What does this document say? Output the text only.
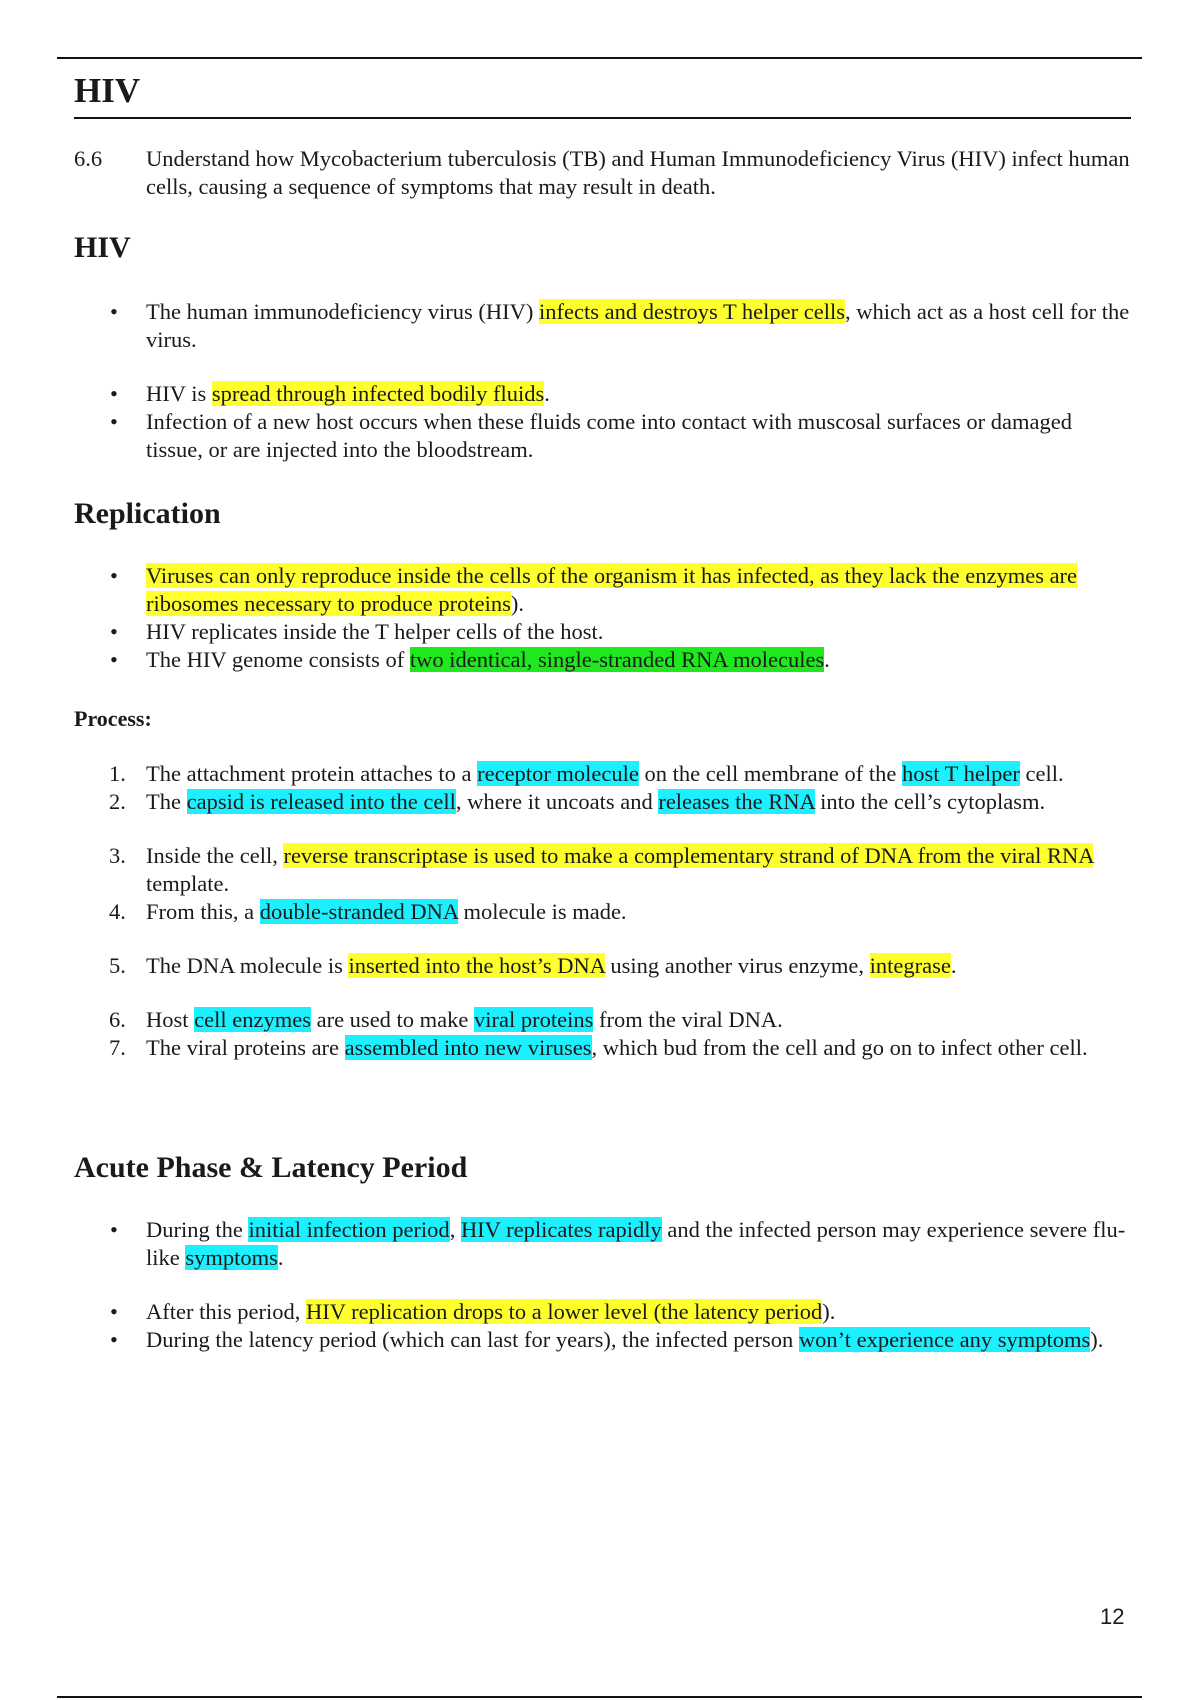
HIV
6.6 Understand how Mycobacterium tuberculosis (TB) and Human Immunodeficiency Virus (HIV) infect human cells, causing a sequence of symptoms that may result in death.
HIV
• The human immunodeficiency virus (HIV) infects and destroys T helper cells, which act as a host cell for the virus.
• HIV is spread through infected bodily fluids.
• Infection of a new host occurs when these fluids come into contact with muscosal surfaces or damaged tissue, or are injected into the bloodstream.
Replication
• Viruses can only reproduce inside the cells of the organism it has infected, as they lack the enzymes are ribosomes necessary to produce proteins).
• HIV replicates inside the T helper cells of the host.
• The HIV genome consists of two identical, single-stranded RNA molecules.

Process:

1. The attachment protein attaches to a receptor molecule on the cell membrane of the host T helper cell.
2. The capsid is released into the cell, where it uncoats and releases the RNA into the cell’s cytoplasm.
3. Inside the cell, reverse transcriptase is used to make a complementary strand of DNA from the viral RNA template.
4. From this, a double-stranded DNA molecule is made.
5. The DNA molecule is inserted into the host’s DNA using another virus enzyme, integrase.
6. Host cell enzymes are used to make viral proteins from the viral DNA.
7. The viral proteins are assembled into new viruses, which bud from the cell and go on to infect other cell.
Acute Phase & Latency Period
• During the initial infection period, HIV replicates rapidly and the infected person may experience severe flu-like symptoms.
• After this period, HIV replication drops to a lower level (the latency period).
• During the latency period (which can last for years), the infected person won’t experience any symptoms).
12
